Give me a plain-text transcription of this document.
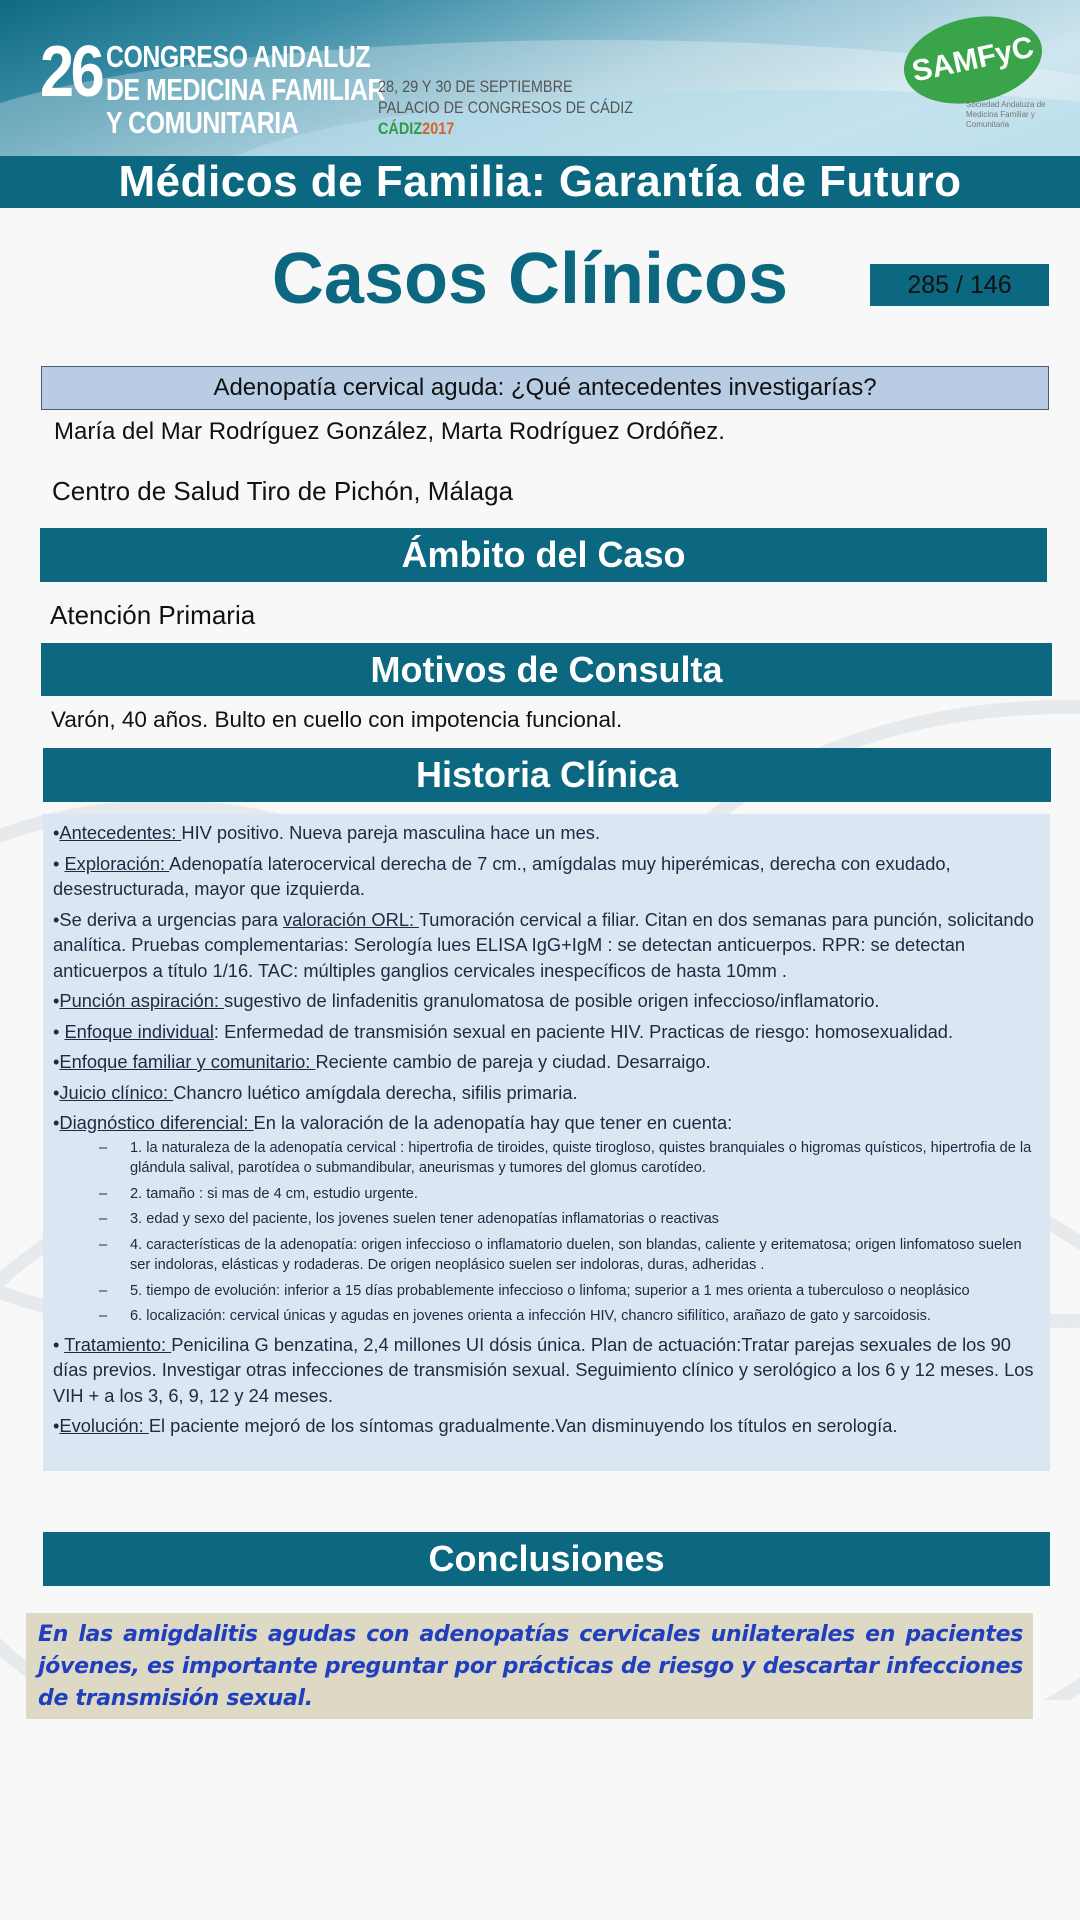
26 CONGRESO ANDALUZ
DE MEDICINA FAMILIAR
Y COMUNITARIA
28, 29 Y 30 DE SEPTIEMBRE
PALACIO DE CONGRESOS DE CÁDIZ
CÁDIZ2017
SAMFyC
Sociedad Andaluza de Medicina Familiar y Comunitaria
Médicos de Familia: Garantía de Futuro
Casos Clínicos	285 / 146
Adenopatía cervical aguda: ¿Qué antecedentes investigarías?
María del Mar Rodríguez González, Marta Rodríguez Ordóñez.
Centro de Salud Tiro de Pichón, Málaga
Ámbito del Caso
Atención Primaria
Motivos de Consulta
Varón, 40 años. Bulto en cuello con impotencia funcional.
Historia Clínica
•Antecedentes: HIV positivo. Nueva pareja masculina hace un mes.
• Exploración: Adenopatía laterocervical derecha de 7 cm., amígdalas muy hiperémicas, derecha con exudado, desestructurada, mayor que izquierda.
•Se deriva a urgencias para valoración ORL: Tumoración cervical a filiar. Citan en dos semanas para punción, solicitando analítica. Pruebas complementarias: Serología lues ELISA IgG+IgM : se detectan anticuerpos. RPR: se detectan anticuerpos a título 1/16. TAC: múltiples ganglios cervicales inespecíficos de hasta 10mm .
•Punción aspiración: sugestivo de linfadenitis granulomatosa de posible origen infeccioso/inflamatorio.
• Enfoque individual: Enfermedad de transmisión sexual en paciente HIV. Practicas de riesgo: homosexualidad.
•Enfoque familiar y comunitario: Reciente cambio de pareja y ciudad. Desarraigo.
•Juicio clínico: Chancro luético amígdala derecha, sifilis primaria.
•Diagnóstico diferencial: En la valoración de la adenopatía hay que tener en cuenta:
– 1. la naturaleza de la adenopatía cervical : hipertrofia de tiroides, quiste tirogloso, quistes branquiales o higromas quísticos, hipertrofia de la glándula salival, parotídea o submandibular, aneurismas y tumores del glomus carotídeo.
– 2. tamaño : si mas de 4 cm, estudio urgente.
– 3. edad y sexo del paciente, los jovenes suelen tener adenopatías inflamatorias o reactivas
– 4. características de la adenopatía: origen infeccioso o inflamatorio duelen, son blandas, caliente y eritematosa; origen linfomatoso suelen ser indoloras, elásticas y rodaderas. De origen neoplásico suelen ser indoloras, duras, adheridas .
– 5. tiempo de evolución: inferior a 15 días probablemente infeccioso o linfoma; superior a 1 mes orienta a tuberculoso o neoplásico
– 6. localización: cervical únicas y agudas en jovenes orienta a infección HIV, chancro sifilítico, arañazo de gato y sarcoidosis.
• Tratamiento: Penicilina G benzatina, 2,4 millones UI dósis única. Plan de actuación:Tratar parejas sexuales de los 90 días previos. Investigar otras infecciones de transmisión sexual. Seguimiento clínico y serológico a los 6 y 12 meses. Los VIH + a los 3, 6, 9, 12 y 24 meses.
•Evolución: El paciente mejoró de los síntomas gradualmente.Van disminuyendo los títulos en serología.
Conclusiones
En las amigdalitis agudas con adenopatías cervicales unilaterales en pacientes jóvenes, es importante preguntar por prácticas de riesgo y descartar infecciones de transmisión sexual.
